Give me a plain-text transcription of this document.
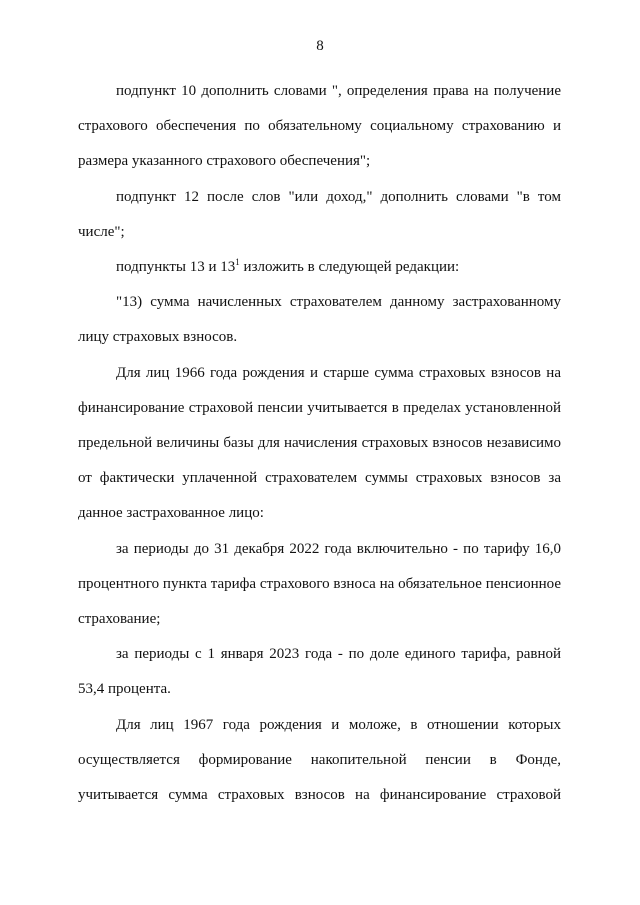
8

подпункт 10 дополнить словами ", определения права на получение страхового обеспечения по обязательному социальному страхованию и размера указанного страхового обеспечения";

подпункт 12 после слов "или доход," дополнить словами "в том числе";

подпункты 13 и $13^1$ изложить в следующей редакции:

"13) сумма начисленных страхователем данному застрахованному лицу страховых взносов.

Для лиц 1966 года рождения и старше сумма страховых взносов на финансирование страховой пенсии учитывается в пределах установленной предельной величины базы для начисления страховых взносов независимо от фактически уплаченной страхователем суммы страховых взносов за данное застрахованное лицо:

за периоды до 31 декабря 2022 года включительно - по тарифу 16,0 процентного пункта тарифа страхового взноса на обязательное пенсионное страхование;

за периоды с 1 января 2023 года - по доле единого тарифа, равной 53,4 процента.

Для лиц 1967 года рождения и моложе, в отношении которых осуществляется формирование накопительной пенсии в Фонде, учитывается сумма страховых взносов на финансирование страховой
